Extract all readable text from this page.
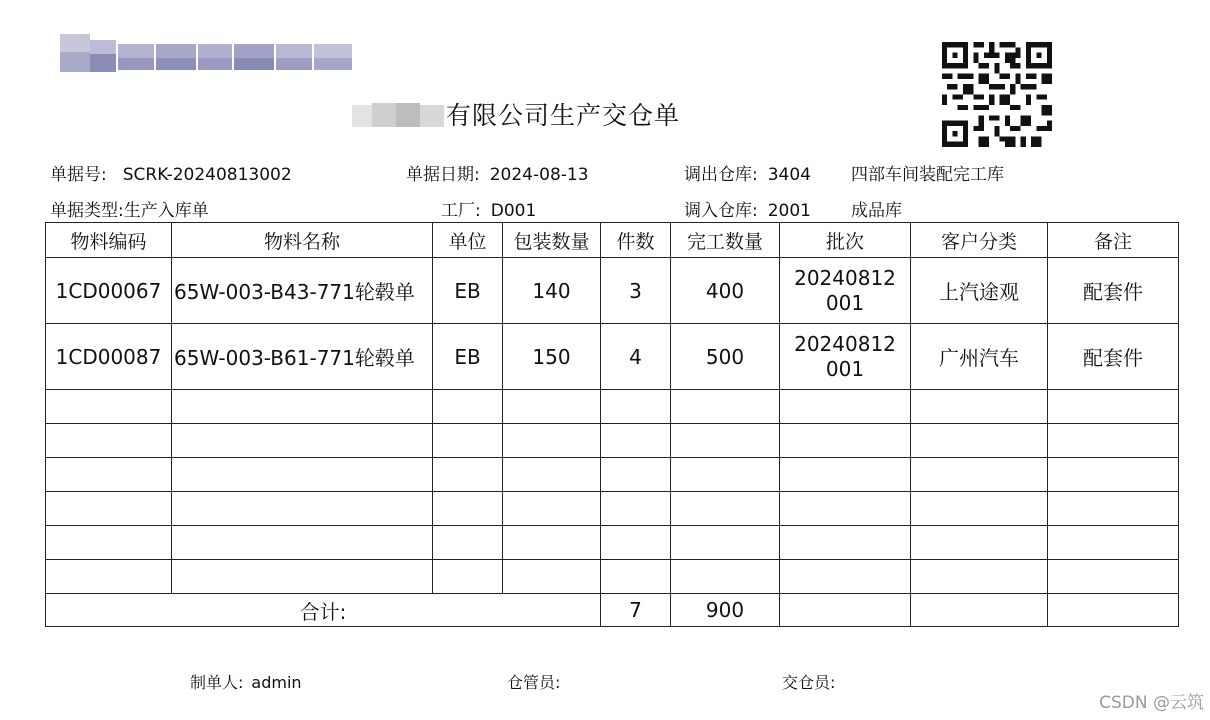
有限公司生产交仓单
单据号: SCRK-20240813002	单据日期: 2024-08-13	调出仓库: 3404 四部车间装配完工库
单据类型:生产入库单	工厂: D001	调入仓库: 2001 成品库
物料编码	物料名称	单位	包装数量	件数	完工数量	批次	客户分类	备注
1CD00067	65W-003-B43-771轮毂单	EB	140	3	400	20240812001	上汽途观	配套件
1CD00087	65W-003-B61-771轮毂单	EB	150	4	500	20240812001	广州汽车	配套件

合计:				7	900			
制单人: admin	仓管员:	交仓员:
CSDN @云筑
